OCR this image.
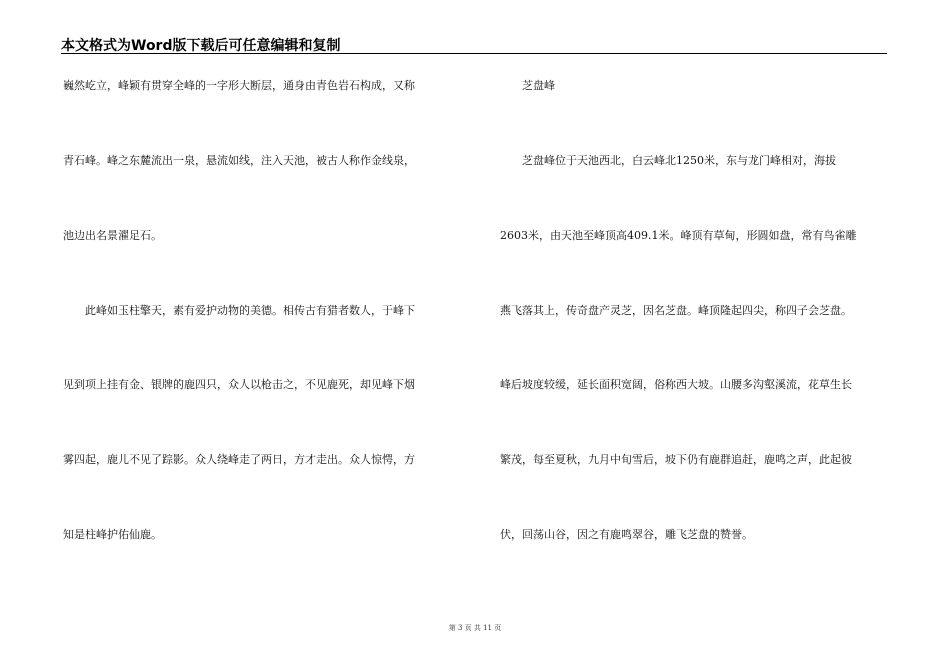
本文格式为Word版下载后可任意编辑和复制
巍然屹立，峰颖有贯穿全峰的一字形大断层，通身由青色岩石构成，又称
青石峰。峰之东麓流出一泉，悬流如线，注入天池，被古人称作金线泉，
池边出名景濯足石。
　　此峰如玉柱擎天，素有爱护动物的美德。相传古有猎者数人，于峰下
见到项上挂有金、银牌的鹿四只，众人以枪击之，不见鹿死，却见峰下烟
雾四起，鹿儿不见了踪影。众人绕峰走了两日，方才走出。众人惊愕，方
知是柱峰护佑仙鹿。
　　芝盘峰
　　芝盘峰位于天池西北，白云峰北1250米，东与龙门峰相对，海拔
2603米，由天池至峰顶高409.1米。峰顶有草甸，形圆如盘，常有鸟雀雕
燕飞落其上，传奇盘产灵芝，因名芝盘。峰顶隆起四尖，称四子会芝盘。
峰后坡度较缓，延长面积宽阔，俗称西大坡。山腰多沟壑溪流，花草生长
繁茂，每至夏秋，九月中旬雪后，坡下仍有鹿群追赶，鹿鸣之声，此起彼
伏，回荡山谷，因之有鹿鸣翠谷，雕飞芝盘的赞誉。
第 3 页 共 11 页
